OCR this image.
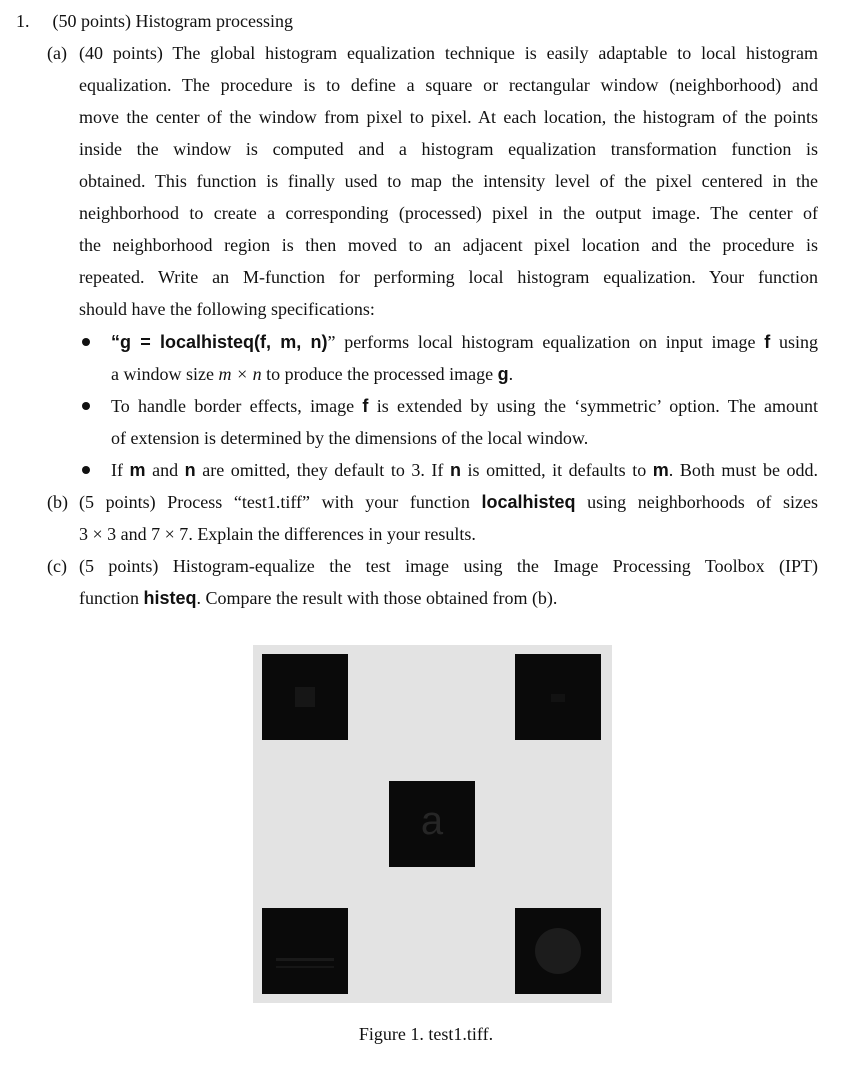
1. (50 points) Histogram processing
(a) (40 points) The global histogram equalization technique is easily adaptable to local histogram
equalization. The procedure is to define a square or rectangular window (neighborhood) and
move the center of the window from pixel to pixel. At each location, the histogram of the points
inside the window is computed and a histogram equalization transformation function is
obtained. This function is finally used to map the intensity level of the pixel centered in the
neighborhood to create a corresponding (processed) pixel in the output image. The center of
the neighborhood region is then moved to an adjacent pixel location and the procedure is
repeated. Write an M-function for performing local histogram equalization. Your function
should have the following specifications:
“g = localhisteq(f, m, n)” performs local histogram equalization on input image f using
a window size m × n to produce the processed image g.
To handle border effects, image f is extended by using the ‘symmetric’ option. The amount
of extension is determined by the dimensions of the local window.
If m and n are omitted, they default to 3. If n is omitted, it defaults to m. Both must be odd.
(b) (5 points) Process “test1.tiff” with your function localhisteq using neighborhoods of sizes
3 × 3 and 7 × 7. Explain the differences in your results.
(c) (5 points) Histogram-equalize the test image using the Image Processing Toolbox (IPT)
function histeq. Compare the result with those obtained from (b).
a
Figure 1. test1.tiff.
